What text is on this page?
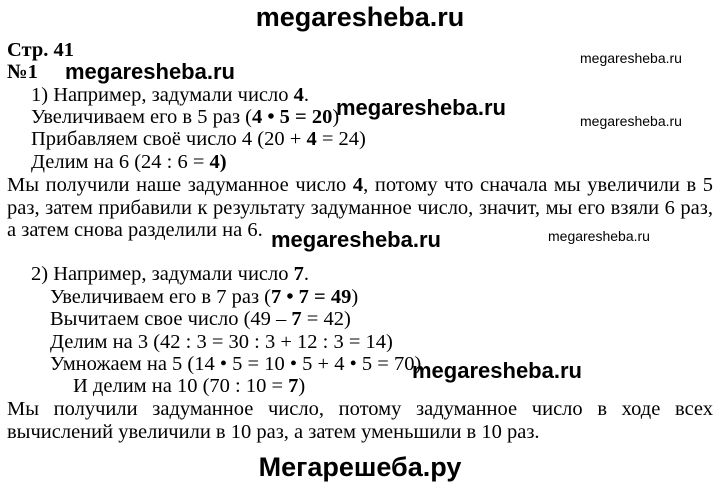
megaresheba.ru
megaresheba.ru
megaresheba.ru
megaresheba.ru
megaresheba.ru
megaresheba.ru
megaresheba.ru
megaresheba.ru
Стр. 41
№1
1) Например, задумали число 4.
Увеличиваем его в 5 раз (4 • 5 = 20)
Прибавляем своё число 4 (20 + 4 = 24)
Делим на 6 (24 : 6 = 4)
Мы получили наше задуманное число 4, потому что сначала мы увеличили в 5
раз, затем прибавили к результату задуманное число, значит, мы его взяли 6 раз,
а затем снова разделили на 6.
2) Например, задумали число 7.
Увеличиваем его в 7 раз (7 • 7 = 49)
Вычитаем свое число (49 – 7 = 42)
Делим на 3 (42 : 3 = 30 : 3 + 12 : 3 = 14)
Умножаем на 5 (14 • 5 = 10 • 5 + 4 • 5 = 70)
И делим на 10 (70 : 10 = 7)
Мы получили задуманное число, потому задуманное число в ходе всех
вычислений увеличили в 10 раз, а затем уменьшили в 10 раз.
Мегарешеба.ру
